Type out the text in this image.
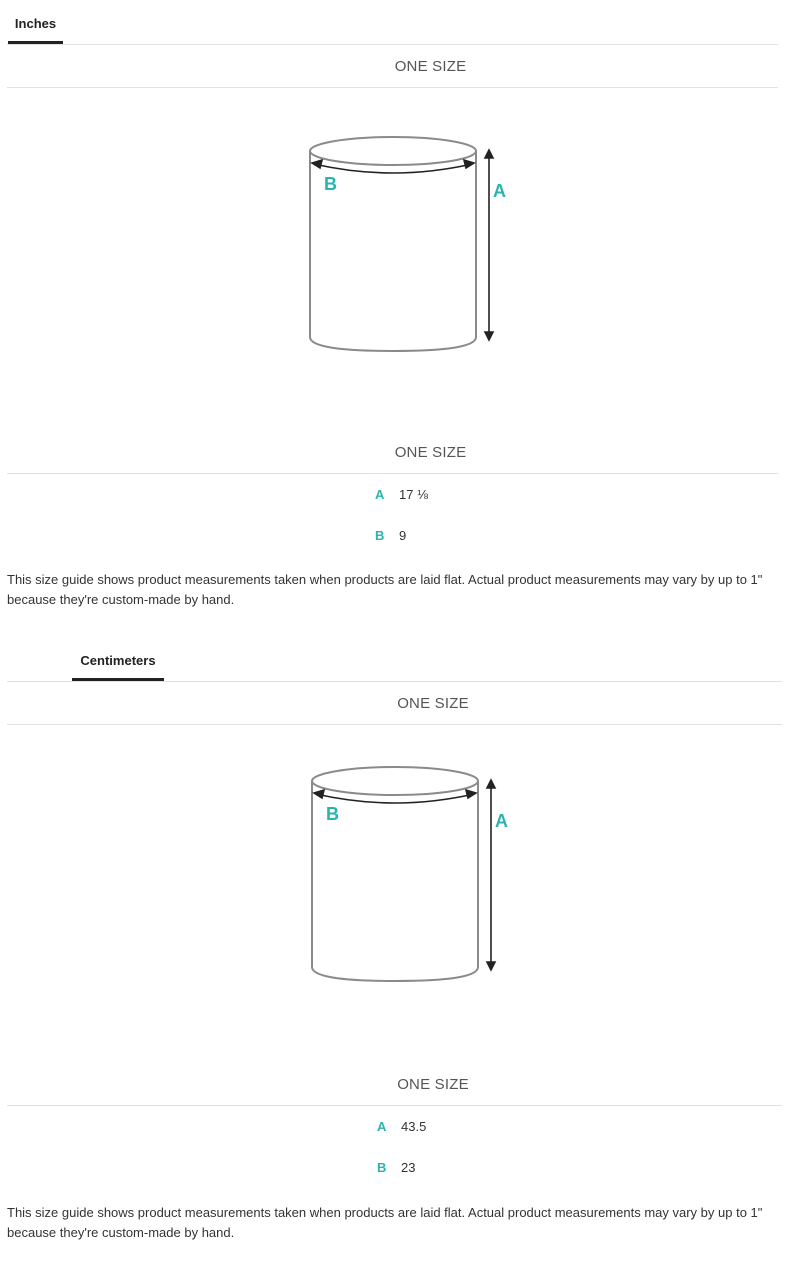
Inches
ONE SIZE
B	A
ONE SIZE
A 17 ⅛
B 9
This size guide shows product measurements taken when products are laid flat. Actual product measurements may vary by up to 1" because they're custom-made by hand.
Centimeters
ONE SIZE
B	A
ONE SIZE
A 43.5
B 23
This size guide shows product measurements taken when products are laid flat. Actual product measurements may vary by up to 1" because they're custom-made by hand.
